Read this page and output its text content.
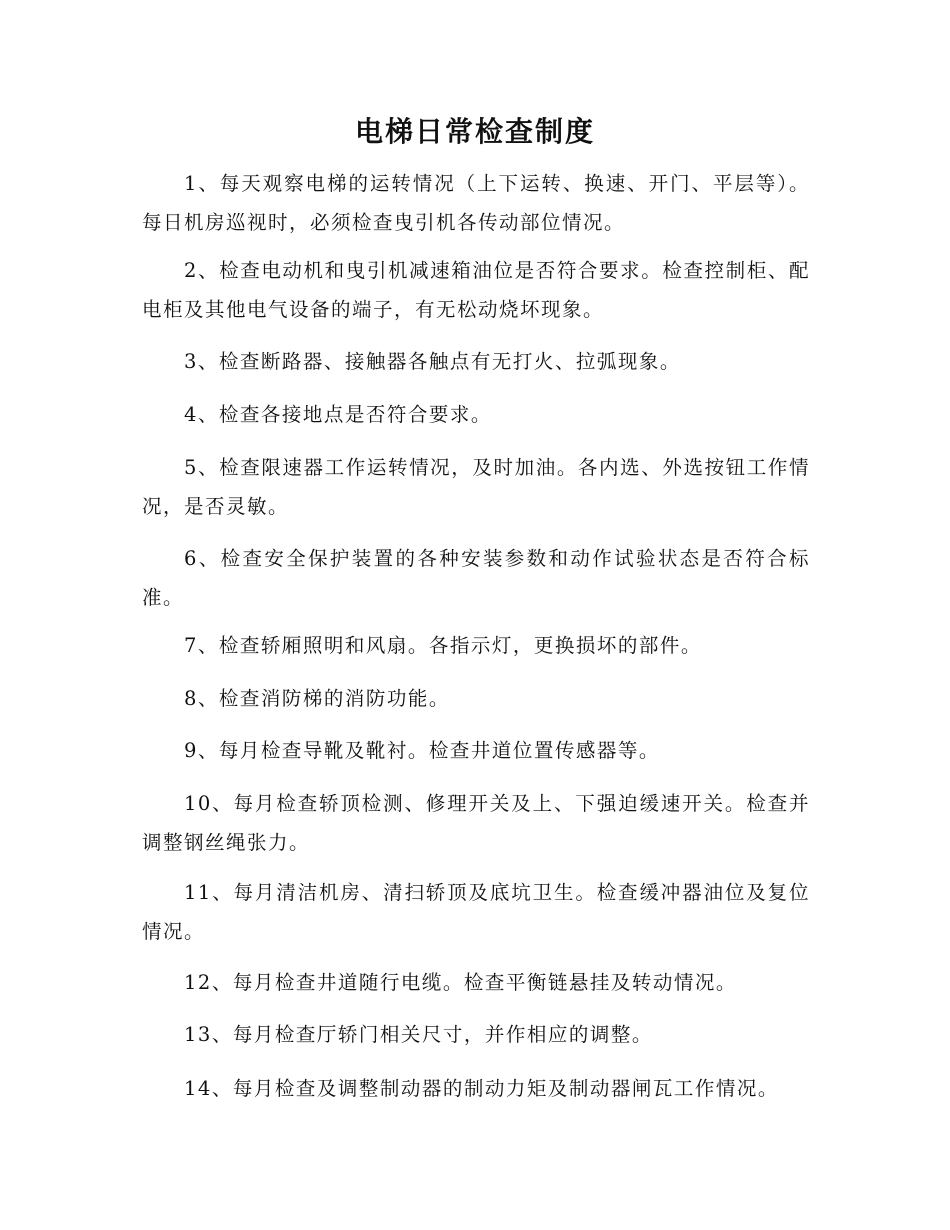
电梯日常检查制度

1、每天观察电梯的运转情况（上下运转、换速、开门、平层等）。每日机房巡视时，必须检查曳引机各传动部位情况。

2、检查电动机和曳引机减速箱油位是否符合要求。检查控制柜、配电柜及其他电气设备的端子，有无松动烧坏现象。

3、检查断路器、接触器各触点有无打火、拉弧现象。

4、检查各接地点是否符合要求。

5、检查限速器工作运转情况，及时加油。各内选、外选按钮工作情况，是否灵敏。

6、检查安全保护装置的各种安装参数和动作试验状态是否符合标准。

7、检查轿厢照明和风扇。各指示灯，更换损坏的部件。

8、检查消防梯的消防功能。

9、每月检查导靴及靴衬。检查井道位置传感器等。

10、每月检查轿顶检测、修理开关及上、下强迫缓速开关。检查并调整钢丝绳张力。

11、每月清洁机房、清扫轿顶及底坑卫生。检查缓冲器油位及复位情况。

12、每月检查井道随行电缆。检查平衡链悬挂及转动情况。

13、每月检查厅轿门相关尺寸，并作相应的调整。

14、每月检查及调整制动器的制动力矩及制动器闸瓦工作情况。
